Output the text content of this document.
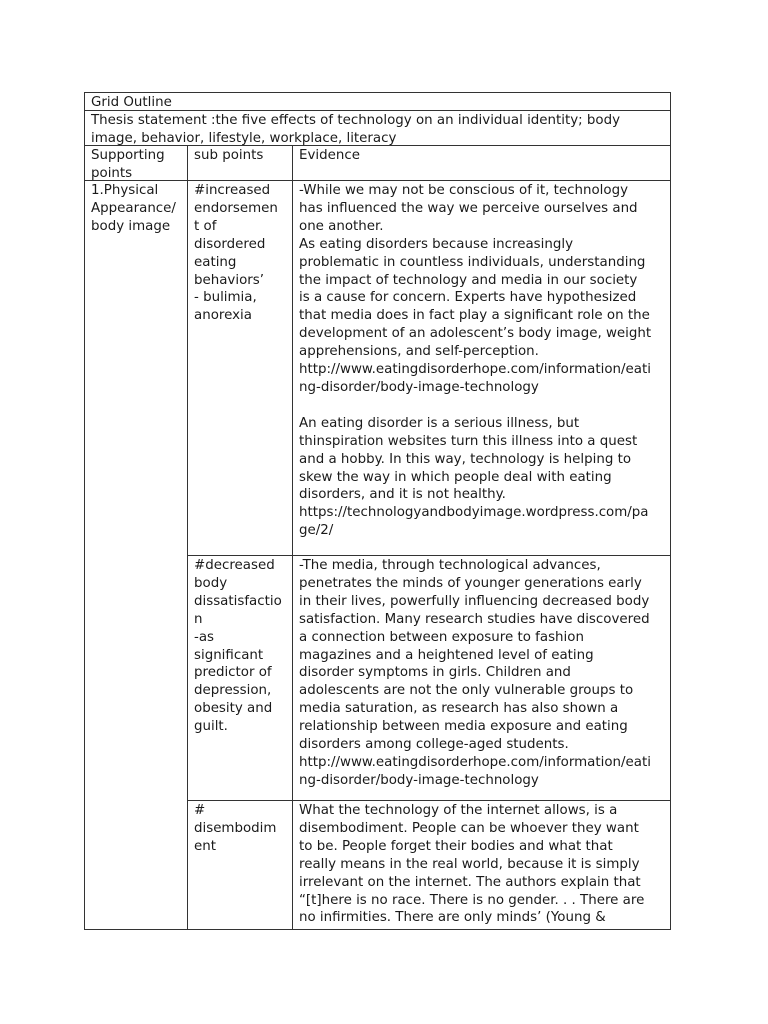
Grid Outline
Thesis statement :the five effects of technology on an individual identity; body
image, behavior, lifestyle, workplace, literacy
Supporting
points
sub points	Evidence
1.Physical
Appearance/
body image
#increased
endorsemen
t of
disordered
eating
behaviors’
- bulimia,
anorexia
-While we may not be conscious of it, technology
has influenced the way we perceive ourselves and
one another.
As eating disorders because increasingly
problematic in countless individuals, understanding
the impact of technology and media in our society
is a cause for concern. Experts have hypothesized
that media does in fact play a significant role on the
development of an adolescent’s body image, weight
apprehensions, and self-perception.
http://www.eatingdisorderhope.com/information/eati
ng-disorder/body-image-technology

An eating disorder is a serious illness, but
thinspiration websites turn this illness into a quest
and a hobby. In this way, technology is helping to
skew the way in which people deal with eating
disorders, and it is not healthy.
https://technologyandbodyimage.wordpress.com/pa
ge/2/
#decreased
body
dissatisfactio
n
-as
significant
predictor of
depression,
obesity and
guilt.
-The media, through technological advances,
penetrates the minds of younger generations early
in their lives, powerfully influencing decreased body
satisfaction. Many research studies have discovered
a connection between exposure to fashion
magazines and a heightened level of eating
disorder symptoms in girls. Children and
adolescents are not the only vulnerable groups to
media saturation, as research has also shown a
relationship between media exposure and eating
disorders among college-aged students.
http://www.eatingdisorderhope.com/information/eati
ng-disorder/body-image-technology
#
disembodim
ent
What the technology of the internet allows, is a
disembodiment. People can be whoever they want
to be. People forget their bodies and what that
really means in the real world, because it is simply
irrelevant on the internet. The authors explain that
“[t]here is no race. There is no gender. . . There are
no infirmities. There are only minds’ (Young &
